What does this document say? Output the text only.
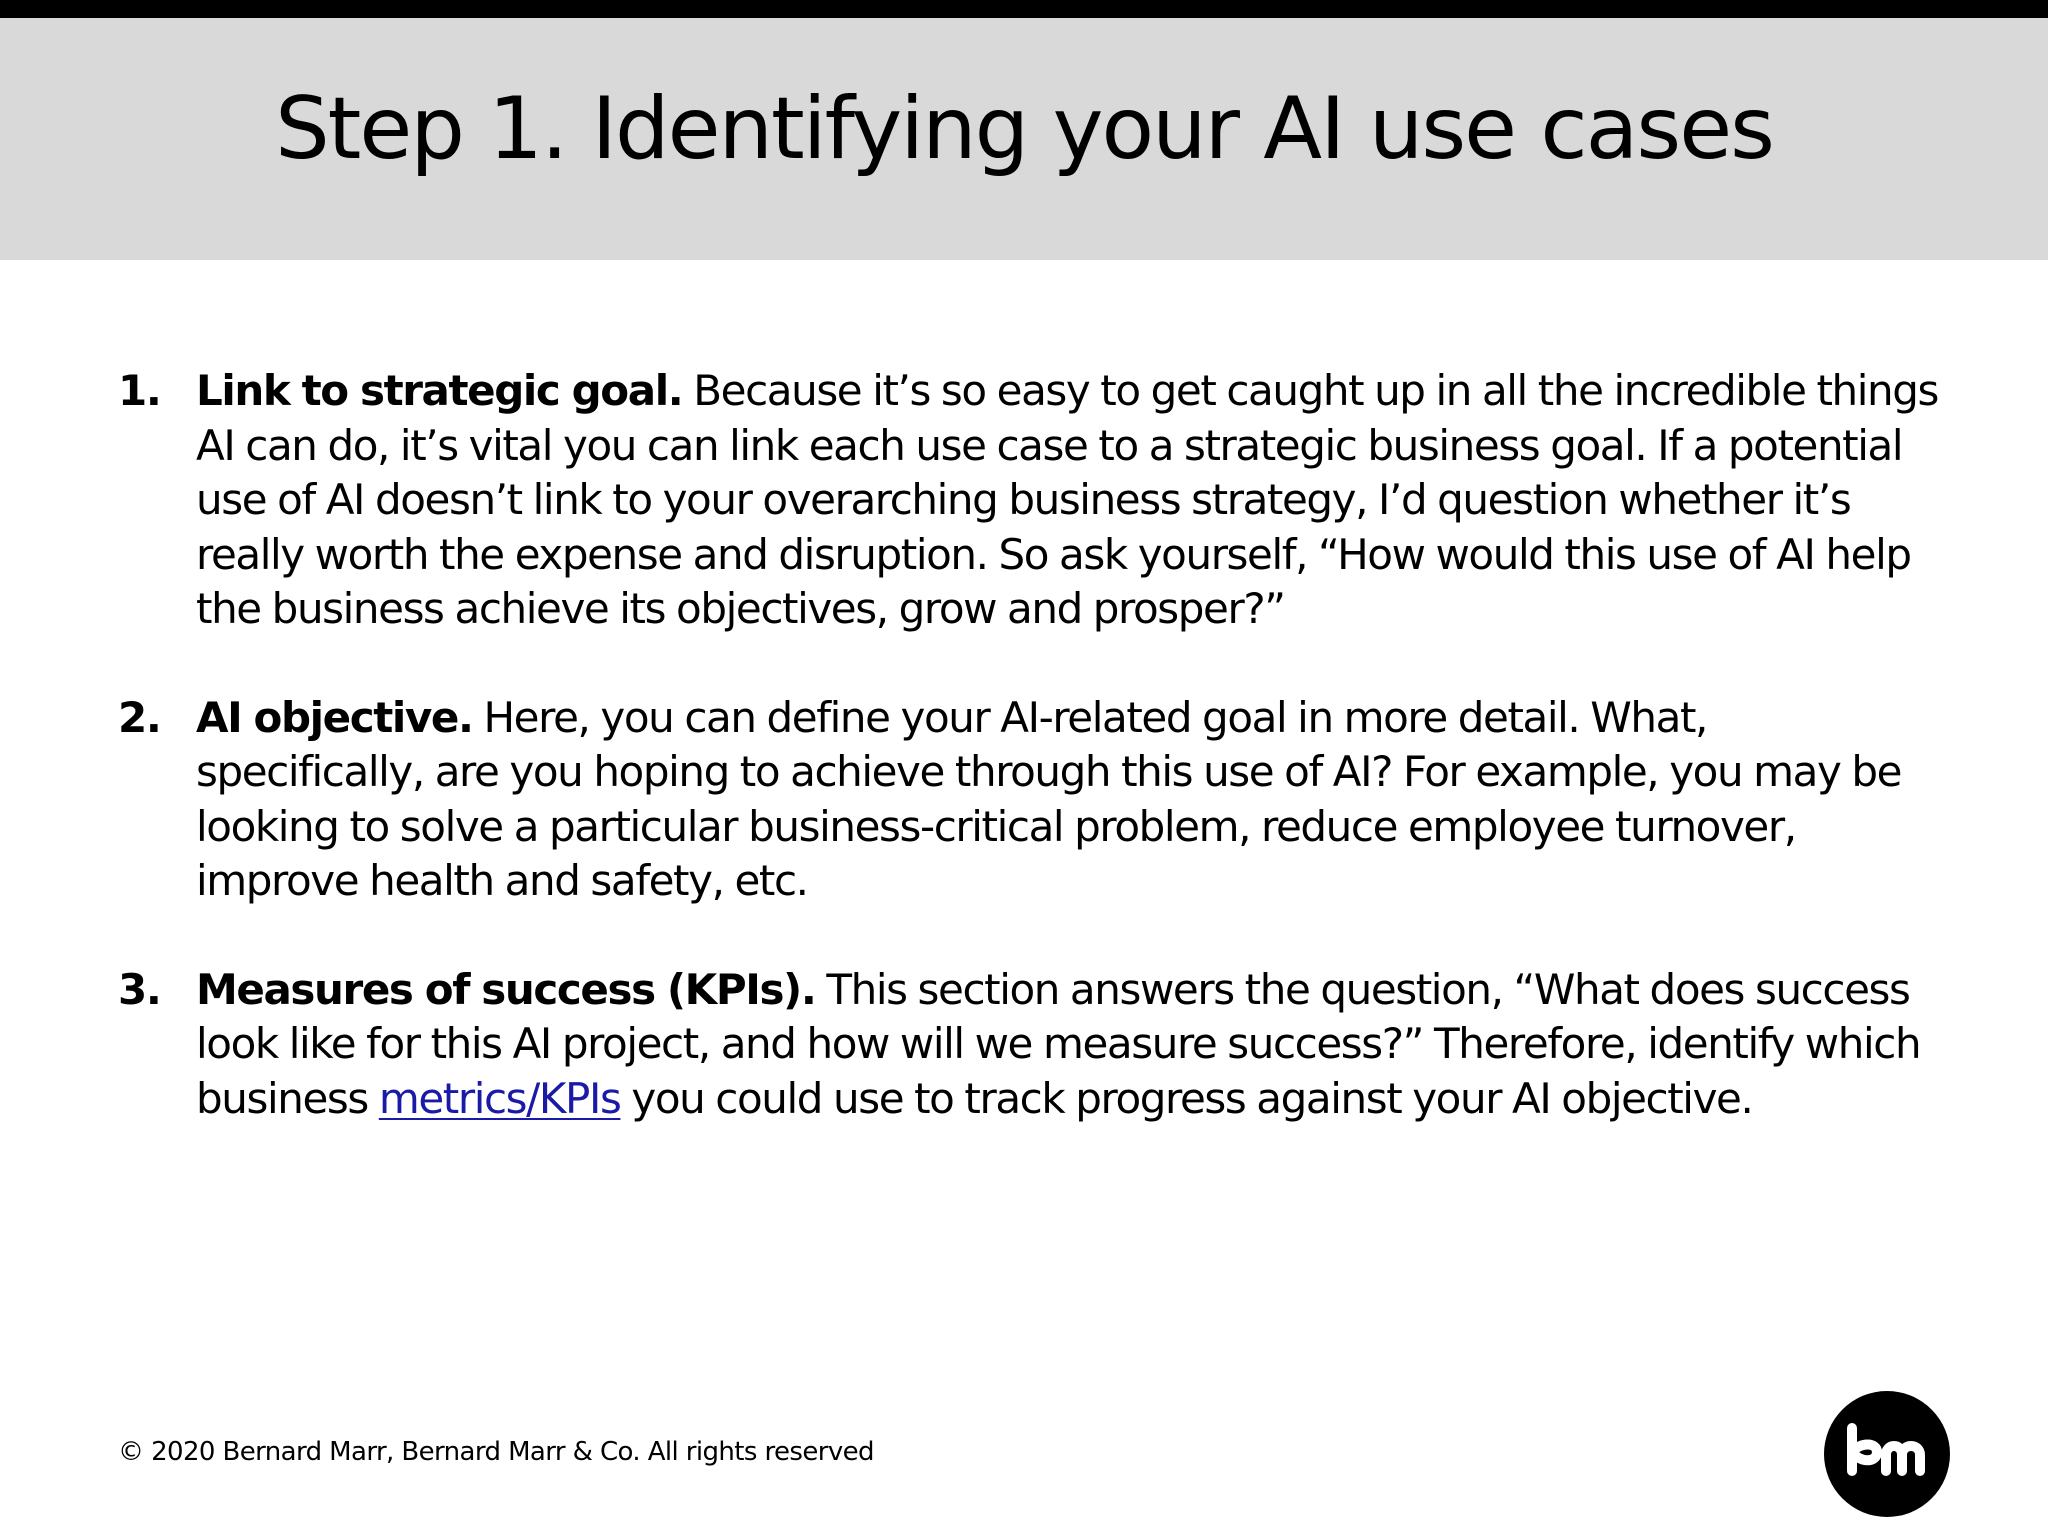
Step 1. Identifying your AI use cases
1. Link to strategic goal. Because it’s so easy to get caught up in all the incredible things AI can do, it’s vital you can link each use case to a strategic business goal. If a potential use of AI doesn’t link to your overarching business strategy, I’d question whether it’s really worth the expense and disruption. So ask yourself, “How would this use of AI help the business achieve its objectives, grow and prosper?”
2. AI objective. Here, you can define your AI-related goal in more detail. What, specifically, are you hoping to achieve through this use of AI? For example, you may be looking to solve a particular business-critical problem, reduce employee turnover, improve health and safety, etc.
3. Measures of success (KPIs). This section answers the question, “What does success look like for this AI project, and how will we measure success?” Therefore, identify which business metrics/KPIs you could use to track progress against your AI objective.
© 2020 Bernard Marr, Bernard Marr & Co. All rights reserved
